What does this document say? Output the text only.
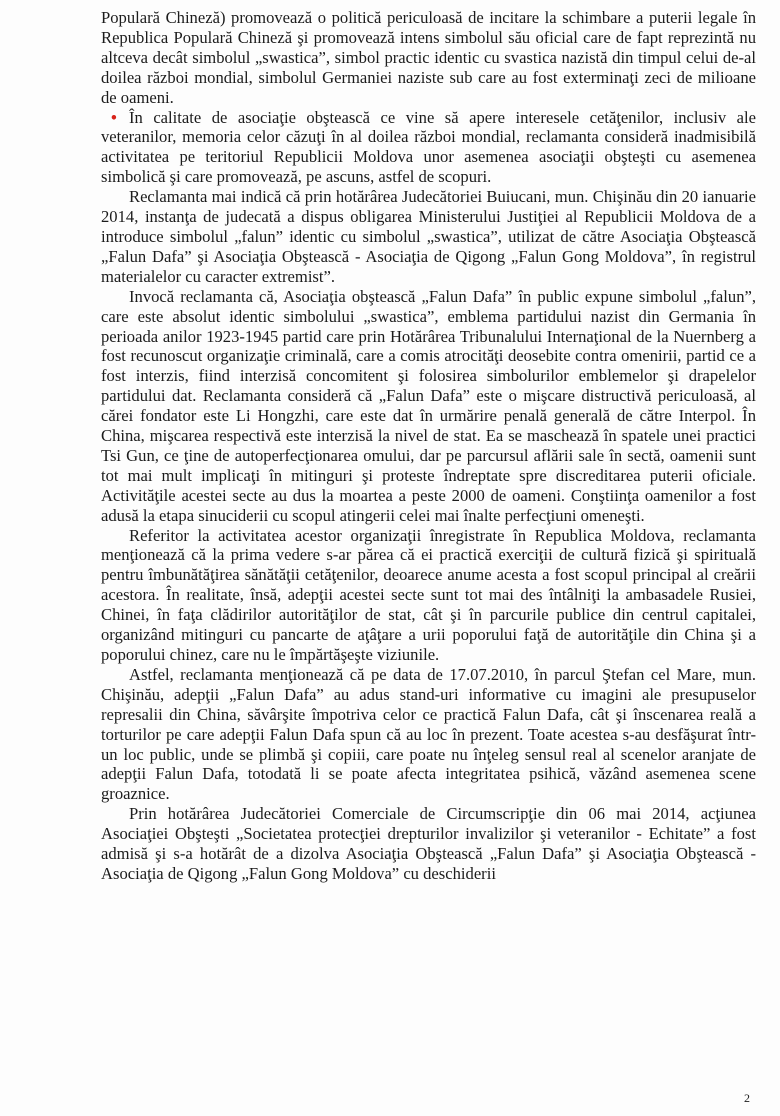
Populară Chineză) promovează o politică periculoasă de incitare la schimbare a puterii legale în Republica Populară Chineză şi promovează intens simbolul său oficial care de fapt reprezintă nu altceva decât simbolul „swastica”, simbol practic identic cu svastica nazistă din timpul celui de-al doilea război mondial, simbolul Germaniei naziste sub care au fost exterminaţi zeci de milioane de oameni.

• În calitate de asociaţie obştească ce vine să apere interesele cetăţenilor, inclusiv ale veteranilor, memoria celor căzuţi în al doilea război mondial, reclamanta consideră inadmisibilă activitatea pe teritoriul Republicii Moldova unor asemenea asociaţii obşteşti cu asemenea simbolică şi care promovează, pe ascuns, astfel de scopuri.

Reclamanta mai indică că prin hotărârea Judecătoriei Buiucani, mun. Chişinău din 20 ianuarie 2014, instanţa de judecată a dispus obligarea Ministerului Justiţiei al Republicii Moldova de a introduce simbolul „falun” identic cu simbolul „swastica”, utilizat de către Asociaţia Obştească „Falun Dafa” şi Asociaţia Obştească - Asociaţia de Qigong „Falun Gong Moldova”, în registrul materialelor cu caracter extremist”.

Invocă reclamanta că, Asociaţia obştească „Falun Dafa” în public expune simbolul „falun”, care este absolut identic simbolului „swastica”, emblema partidului nazist din Germania în perioada anilor 1923-1945 partid care prin Hotărârea Tribunalului Internaţional de la Nuernberg a fost recunoscut organizaţie criminală, care a comis atrocităţi deosebite contra omenirii, partid ce a fost interzis, fiind interzisă concomitent şi folosirea simbolurilor emblemelor şi drapelelor partidului dat. Reclamanta consideră că „Falun Dafa” este o mişcare distructivă periculoasă, al cărei fondator este Li Hongzhi, care este dat în urmărire penală generală de către Interpol. În China, mişcarea respectivă este interzisă la nivel de stat. Ea se maschează în spatele unei practici Tsi Gun, ce ţine de autoperfecţionarea omului, dar pe parcursul aflării sale în sectă, oamenii sunt tot mai mult implicaţi în mitinguri şi proteste îndreptate spre discreditarea puterii oficiale. Activităţile acestei secte au dus la moartea a peste 2000 de oameni. Conştiinţa oamenilor a fost adusă la etapa sinuciderii cu scopul atingerii celei mai înalte perfecţiuni omeneşti.

Referitor la activitatea acestor organizaţii înregistrate în Republica Moldova, reclamanta menţionează că la prima vedere s-ar părea că ei practică exerciţii de cultură fizică şi spirituală pentru îmbunătăţirea sănătăţii cetăţenilor, deoarece anume acesta a fost scopul principal al creării acestora. În realitate, însă, adepţii acestei secte sunt tot mai des întâlniţi la ambasadele Rusiei, Chinei, în faţa clădirilor autorităţilor de stat, cât şi în parcurile publice din centrul capitalei, organizând mitinguri cu pancarte de aţâţare a urii poporului faţă de autorităţile din China şi a poporului chinez, care nu le împărtăşeşte viziunile.

Astfel, reclamanta menţionează că pe data de 17.07.2010, în parcul Ştefan cel Mare, mun. Chişinău, adepţii „Falun Dafa” au adus stand-uri informative cu imagini ale presupuselor represalii din China, săvârşite împotriva celor ce practică Falun Dafa, cât şi înscenarea reală a torturilor pe care adepţii Falun Dafa spun că au loc în prezent. Toate acestea s-au desfăşurat într-un loc public, unde se plimbă şi copiii, care poate nu înţeleg sensul real al scenelor aranjate de adepţii Falun Dafa, totodată li se poate afecta integritatea psihică, văzând asemenea scene groaznice.

Prin hotărârea Judecătoriei Comerciale de Circumscripţie din 06 mai 2014, acţiunea Asociaţiei Obşteşti „Societatea protecţiei drepturilor invalizilor şi veteranilor - Echitate” a fost admisă şi s-a hotărât de a dizolva Asociaţia Obştească „Falun Dafa” şi Asociaţia Obştească - Asociaţia de Qigong „Falun Gong Moldova” cu deschiderii

2
